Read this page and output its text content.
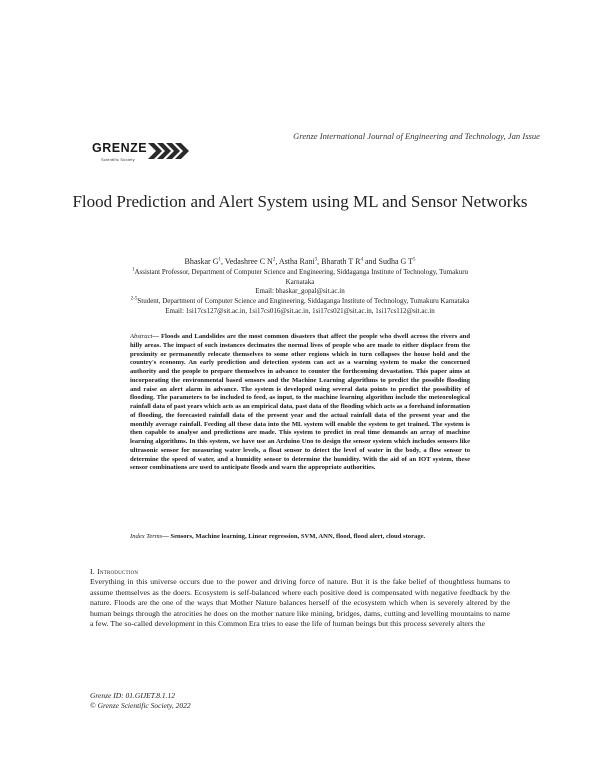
Grenze International Journal of Engineering and Technology, Jan Issue
GRENZE
Scientific Society
Flood Prediction and Alert System using ML and Sensor Networks
Bhaskar $G^1$, Vedashree C $N^2$, Astha Rani$^3$, Bharath T $R^4$ and Sudha G $T^5$
$^1$Assistant Professor, Department of Computer Science and Engineering, Siddaganga Institute of Technology, Tumakuru
Karnataka
Email: bhaskar_gopal@sit.ac.in
$^{2-5}$Student, Department of Computer Science and Engineering, Siddaganga Institute of Technology, Tumakuru Karnataka
Email: 1si17cs127@sit.ac.in, 1si17cs016@sit.ac.in, 1si17cs021@sit.ac.in, 1si17cs112@sit.ac.in
Abstract— Floods and Landslides are the most common disasters that affect the people who dwell across the rivers and hilly areas. The impact of such instances decimates the normal lives of people who are made to either displace from the proximity or permanently relocate themselves to some other regions which in turn collapses the house hold and the country's economy. An early prediction and detection system can act as a warning system to make the concerned authority and the people to prepare themselves in advance to counter the forthcoming devastation. This paper aims at incorporating the environmental based sensors and the Machine Learning algorithms to predict the possible flooding and raise an alert alarm in advance. The system is developed using several data points to predict the possibility of flooding. The parameters to be included to feed, as input, to the machine learning algorithm include the meteorological rainfall data of past years which acts as an empirical data, past data of the flooding which acts as a forehand information of flooding, the forecasted rainfall data of the present year and the actual rainfall data of the present year and the monthly average rainfall. Feeding all these data into the ML system will enable the system to get trained. The system is then capable to analyse and predictions are made. This system to predict in real time demands an array of machine learning algorithms. In this system, we have use an Arduino Uno to design the sensor system which includes sensors like ultrasonic sensor for measuring water levels, a float sensor to detect the level of water in the body, a flow sensor to determine the speed of water, and a humidity sensor to determine the humidity. With the aid of an IOT system, these sensor combinations are used to anticipate floods and warn the appropriate authorities.
Index Terms— Sensors, Machine learning, Linear regression, SVM, ANN, flood, flood alert, cloud storage.
I. Introduction
Everything in this universe occurs due to the power and driving force of nature. But it is the fake belief of thoughtless humans to assume themselves as the doers. Ecosystem is self-balanced where each positive deed is compensated with negative feedback by the nature. Floods are the one of the ways that Mother Nature balances herself of the ecosystem which when is severely altered by the human beings through the atrocities he does on the mother nature like mining, bridges, dams, cutting and levelling mountains to name a few. The so-called development in this Common Era tries to ease the life of human beings but this process severely alters the
Grenze ID: 01.GIJET.8.1.12
© Grenze Scientific Society, 2022
